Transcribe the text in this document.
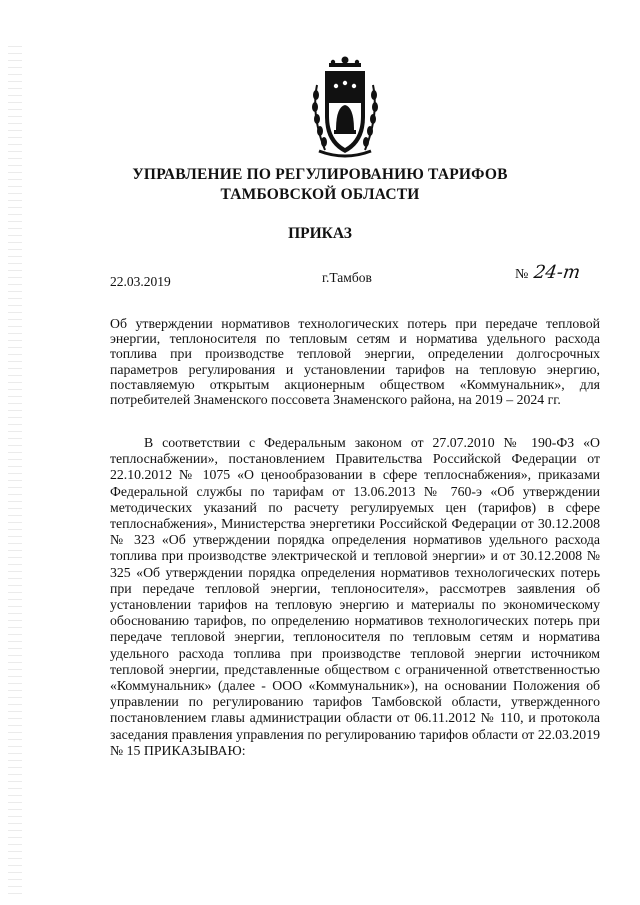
УПРАВЛЕНИЕ ПО РЕГУЛИРОВАНИЮ ТАРИФОВ
ТАМБОВСКОЙ ОБЛАСТИ
ПРИКАЗ
22.03.2019	г.Тамбов	№ 24-т
Об утверждении нормативов технологических потерь при передаче тепловой энергии, теплоносителя по тепловым сетям и норматива удельного расхода топлива при производстве тепловой энергии, определении долгосрочных параметров регулирования и установлении тарифов на тепловую энергию, поставляемую открытым акционерным обществом «Коммунальник», для потребителей Знаменского поссовета Знаменского района, на 2019 – 2024 гг.
В соответствии с Федеральным законом от 27.07.2010 № 190-ФЗ «О теплоснабжении», постановлением Правительства Российской Федерации от 22.10.2012 № 1075 «О ценообразовании в сфере теплоснабжения», приказами Федеральной службы по тарифам от 13.06.2013 № 760-э «Об утверждении методических указаний по расчету регулируемых цен (тарифов) в сфере теплоснабжения», Министерства энергетики Российской Федерации от 30.12.2008 № 323 «Об утверждении порядка определения нормативов удельного расхода топлива при производстве электрической и тепловой энергии» и от 30.12.2008 № 325 «Об утверждении порядка определения нормативов технологических потерь при передаче тепловой энергии, теплоносителя», рассмотрев заявления об установлении тарифов на тепловую энергию и материалы по экономическому обоснованию тарифов, по определению нормативов технологических потерь при передаче тепловой энергии, теплоносителя по тепловым сетям и норматива удельного расхода топлива при производстве тепловой энергии источником тепловой энергии, представленные обществом с ограниченной ответственностью «Коммунальник» (далее - ООО «Коммунальник»), на основании Положения об управлении по регулированию тарифов Тамбовской области, утвержденного постановлением главы администрации области от 06.11.2012 № 110, и протокола заседания правления управления по регулированию тарифов области от 22.03.2019 № 15 ПРИКАЗЫВАЮ:
